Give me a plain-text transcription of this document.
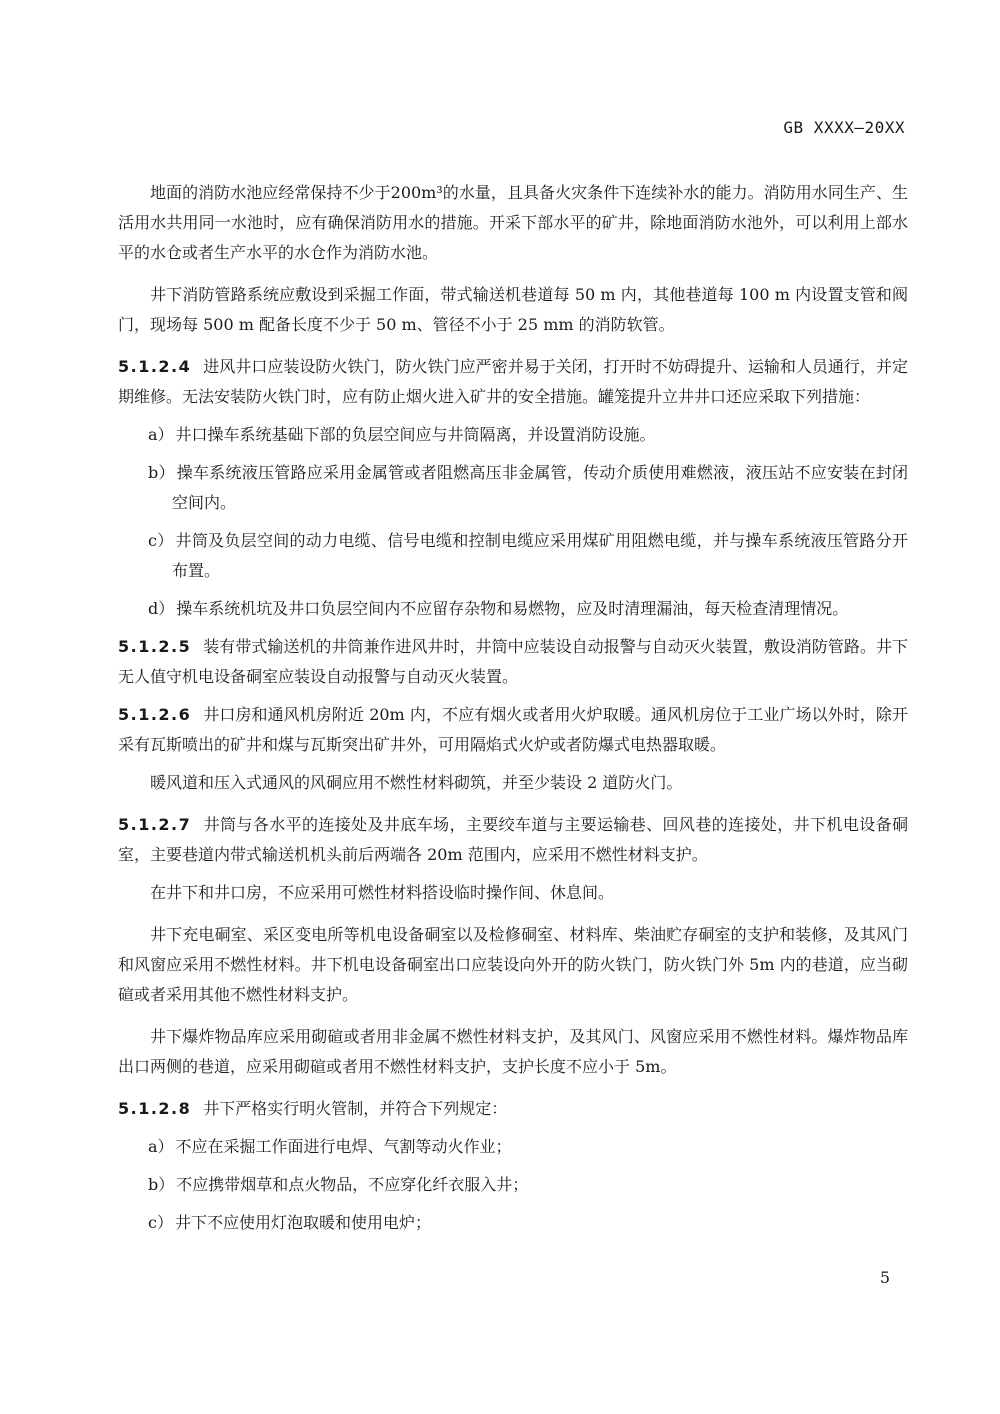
GB XXXX—20XX
地面的消防水池应经常保持不少于200m³的水量，且具备火灾条件下连续补水的能力。消防用水同生产、生活用水共用同一水池时，应有确保消防用水的措施。开采下部水平的矿井，除地面消防水池外，可以利用上部水平的水仓或者生产水平的水仓作为消防水池。
井下消防管路系统应敷设到采掘工作面，带式输送机巷道每 50 m 内，其他巷道每 100 m 内设置支管和阀门，现场每 500 m 配备长度不少于 50 m、管径不小于 25 mm 的消防软管。
5.1.2.4 进风井口应装设防火铁门，防火铁门应严密并易于关闭，打开时不妨碍提升、运输和人员通行，并定期维修。无法安装防火铁门时，应有防止烟火进入矿井的安全措施。罐笼提升立井井口还应采取下列措施：
a） 井口操车系统基础下部的负层空间应与井筒隔离，并设置消防设施。
b） 操车系统液压管路应采用金属管或者阻燃高压非金属管，传动介质使用难燃液，液压站不应安装在封闭空间内。
c） 井筒及负层空间的动力电缆、信号电缆和控制电缆应采用煤矿用阻燃电缆，并与操车系统液压管路分开布置。
d） 操车系统机坑及井口负层空间内不应留存杂物和易燃物，应及时清理漏油，每天检查清理情况。
5.1.2.5 装有带式输送机的井筒兼作进风井时，井筒中应装设自动报警与自动灭火装置，敷设消防管路。井下无人值守机电设备硐室应装设自动报警与自动灭火装置。
5.1.2.6 井口房和通风机房附近 20m 内，不应有烟火或者用火炉取暖。通风机房位于工业广场以外时，除开采有瓦斯喷出的矿井和煤与瓦斯突出矿井外，可用隔焰式火炉或者防爆式电热器取暖。
暖风道和压入式通风的风硐应用不燃性材料砌筑，并至少装设 2 道防火门。
5.1.2.7 井筒与各水平的连接处及井底车场，主要绞车道与主要运输巷、回风巷的连接处，井下机电设备硐室，主要巷道内带式输送机机头前后两端各 20m 范围内，应采用不燃性材料支护。
在井下和井口房，不应采用可燃性材料搭设临时操作间、休息间。
井下充电硐室、采区变电所等机电设备硐室以及检修硐室、材料库、柴油贮存硐室的支护和装修，及其风门和风窗应采用不燃性材料。井下机电设备硐室出口应装设向外开的防火铁门，防火铁门外 5m 内的巷道，应当砌碹或者采用其他不燃性材料支护。
井下爆炸物品库应采用砌碹或者用非金属不燃性材料支护，及其风门、风窗应采用不燃性材料。爆炸物品库出口两侧的巷道，应采用砌碹或者用不燃性材料支护，支护长度不应小于 5m。
5.1.2.8 井下严格实行明火管制，并符合下列规定：
a） 不应在采掘工作面进行电焊、气割等动火作业；
b） 不应携带烟草和点火物品，不应穿化纤衣服入井；
c） 井下不应使用灯泡取暖和使用电炉；
5
